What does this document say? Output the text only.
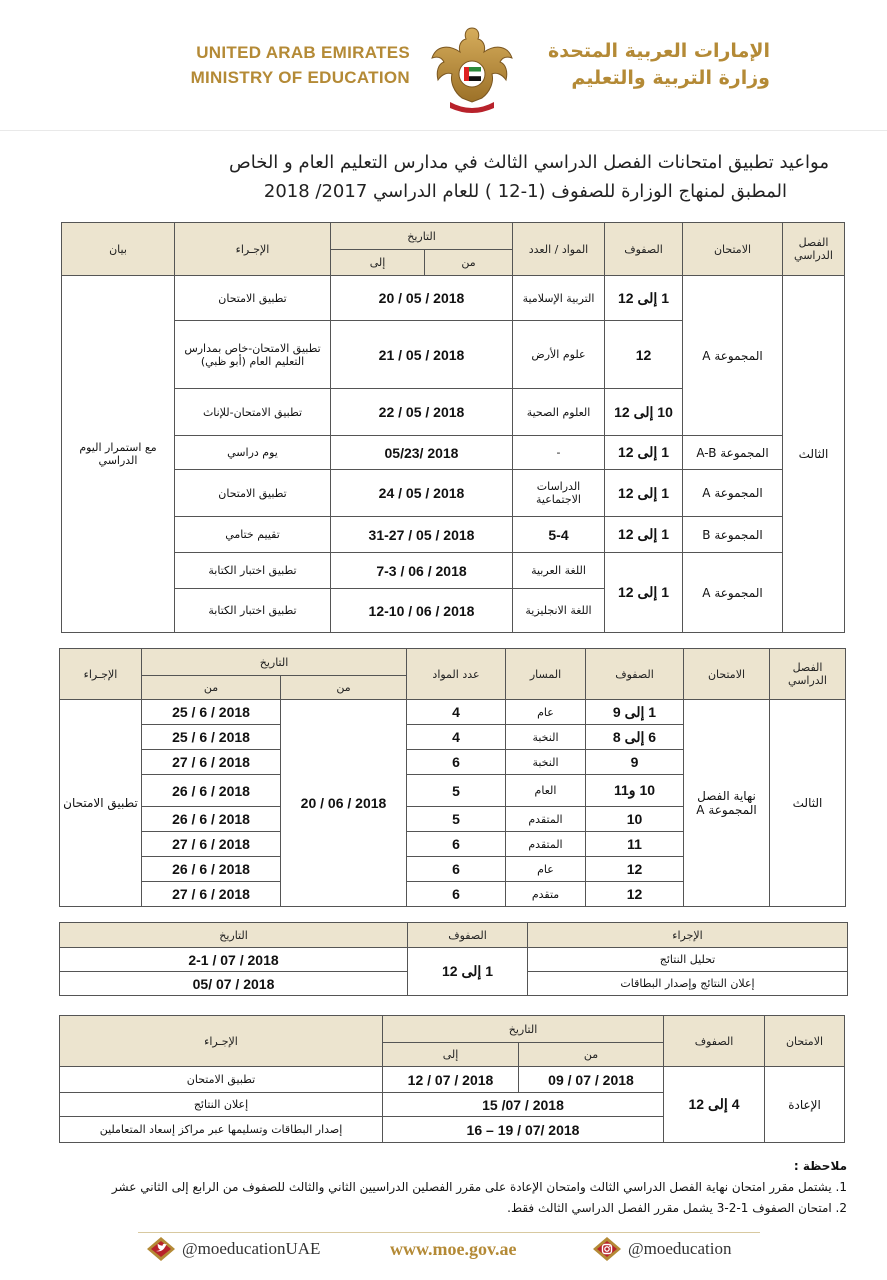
UNITED ARAB EMIRATES
MINISTRY OF EDUCATION
الإمارات العربية المتحدة
وزارة التربية والتعليم
مواعيد تطبيق امتحانات الفصل الدراسي الثالث في مدارس التعليم العام و الخاص
المطبق لمنهاج الوزارة للصفوف (1-12 ) للعام الدراسي 2017/ 2018
الفصل الدراسي	الامتحان	الصفوف	المواد / العدد	التاريخ		الإجـراء	بيان
				من	إلى		
الثالث	المجموعة A	1 إلى 12	التربية الإسلامية	2018 / 05 / 20		تطبيق الامتحان	مع استمرار اليوم الدراسي
		12	علوم الأرض	2018 / 05 / 21		تطبيق الامتحان-خاص بمدارس التعليم العام (أبو ظبي)	
		10 إلى 12	العلوم الصحية	2018 / 05 / 22		تطبيق الامتحان-للإناث	
	المجموعة A-B	1 إلى 12	-	2018 /05/23		يوم دراسي	
	المجموعة A	1 إلى 12	الدراسات الاجتماعية	2018 / 05 / 24		تطبيق الامتحان	
	المجموعة B	1 إلى 12	5-4	2018 / 05 / 31-27		تقييم ختامي	
	المجموعة A	1 إلى 12	اللغة العربية	2018 / 06 / 7-3		تطبيق اختبار الكتابة	
			اللغة الانجليزية	2018 / 06 / 12-10		تطبيق اختبار الكتابة	
الفصل الدراسي	الامتحان	الصفوف	المسار	عدد المواد	التاريخ		الإجـراء
					من	من	
الثالث	نهاية الفصل المجموعة A	1 إلى 9	عام	4	2018 / 06 / 20	2018 / 6 / 25	تطبيق الامتحان
		6 إلى 8	النخبة	4		2018 / 6 / 25	
		9	النخبة	6		2018 / 6 / 27	
		10 و11	العام	5		2018 / 6 / 26	
		10	المتقدم	5		2018 / 6 / 26	
		11	المتقدم	6		2018 / 6 / 27	
		12	عام	6		2018 / 6 / 26	
		12	متقدم	6		2018 / 6 / 27	
الإجراء	الصفوف	التاريخ
تحليل النتائج	1 إلى 12	2018 / 07 / 2-1
إعلان النتائج وإصدار البطاقات		2018 / 07 /05
الامتحان	الصفوف	التاريخ		الإجـراء
		من	إلى	
الإعادة	4 إلى 12	2018 / 07 / 09	2018 / 07 / 12	تطبيق الامتحان
		2018 / 07/ 15		إعلان النتائج
		2018 /07 / 19 – 16		إصدار البطاقات وتسليمها عبر مراكز إسعاد المتعاملين
ملاحظة :
1. يشتمل مقرر امتحان نهاية الفصل الدراسي الثالث وامتحان الإعادة على مقرر الفصلين الدراسيين الثاني والثالث للصفوف من الرابع إلى الثاني عشر
2. امتحان الصفوف 1-2-3 يشمل مقرر الفصل الدراسي الثالث فقط.
@moeducationUAE	www.moe.gov.ae	@moeducation
